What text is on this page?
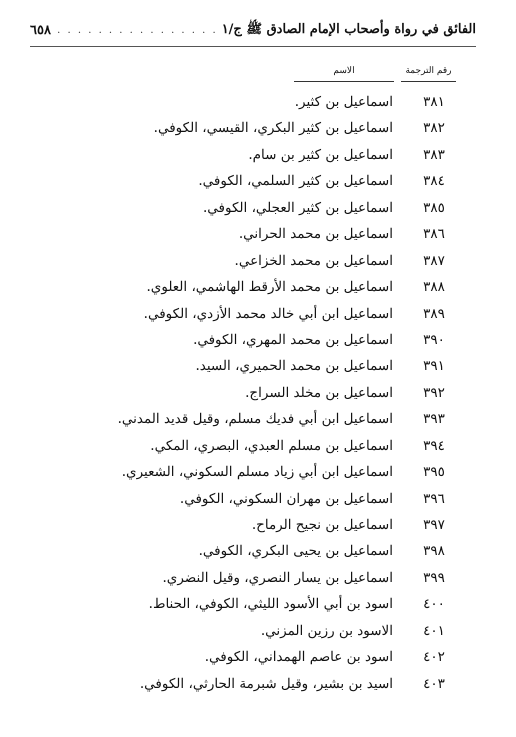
الفائق في رواة وأصحاب الإمام الصادق ﷺ ج/١
. . .
٦٥٨
رقم الترجمة
الاسم
٣٨١
اسماعيل بن كثير.
٣٨٢
اسماعيل بن كثير البكري، القيسي، الكوفي.
٣٨٣
اسماعيل بن كثير بن سام.
٣٨٤
اسماعيل بن كثير السلمي، الكوفي.
٣٨٥
اسماعيل بن كثير العجلي، الكوفي.
٣٨٦
اسماعيل بن محمد الحراني.
٣٨٧
اسماعيل بن محمد الخزاعي.
٣٨٨
اسماعيل بن محمد الأرقط الهاشمي، العلوي.
٣٨٩
اسماعيل ابن أبي خالد محمد الأزدي، الكوفي.
٣٩٠
اسماعيل بن محمد المهري، الكوفي.
٣٩١
اسماعيل بن محمد الحميري، السيد.
٣٩٢
اسماعيل بن مخلد السراج.
٣٩٣
اسماعيل ابن أبي فديك مسلم، وقيل قديد المدني.
٣٩٤
اسماعيل بن مسلم العبدي، البصري، المكي.
٣٩٥
اسماعيل ابن أبي زياد مسلم السكوني، الشعيري.
٣٩٦
اسماعيل بن مهران السكوني، الكوفي.
٣٩٧
اسماعيل بن نجيح الرماح.
٣٩٨
اسماعيل بن يحيى البكري، الكوفي.
٣٩٩
اسماعيل بن يسار النصري، وقيل النضري.
٤٠٠
اسود بن أبي الأسود الليثي، الكوفي، الحناط.
٤٠١
الاسود بن رزين المزني.
٤٠٢
اسود بن عاصم الهمداني، الكوفي.
٤٠٣
اسيد بن بشير، وقيل شبرمة الحارثي، الكوفي.
